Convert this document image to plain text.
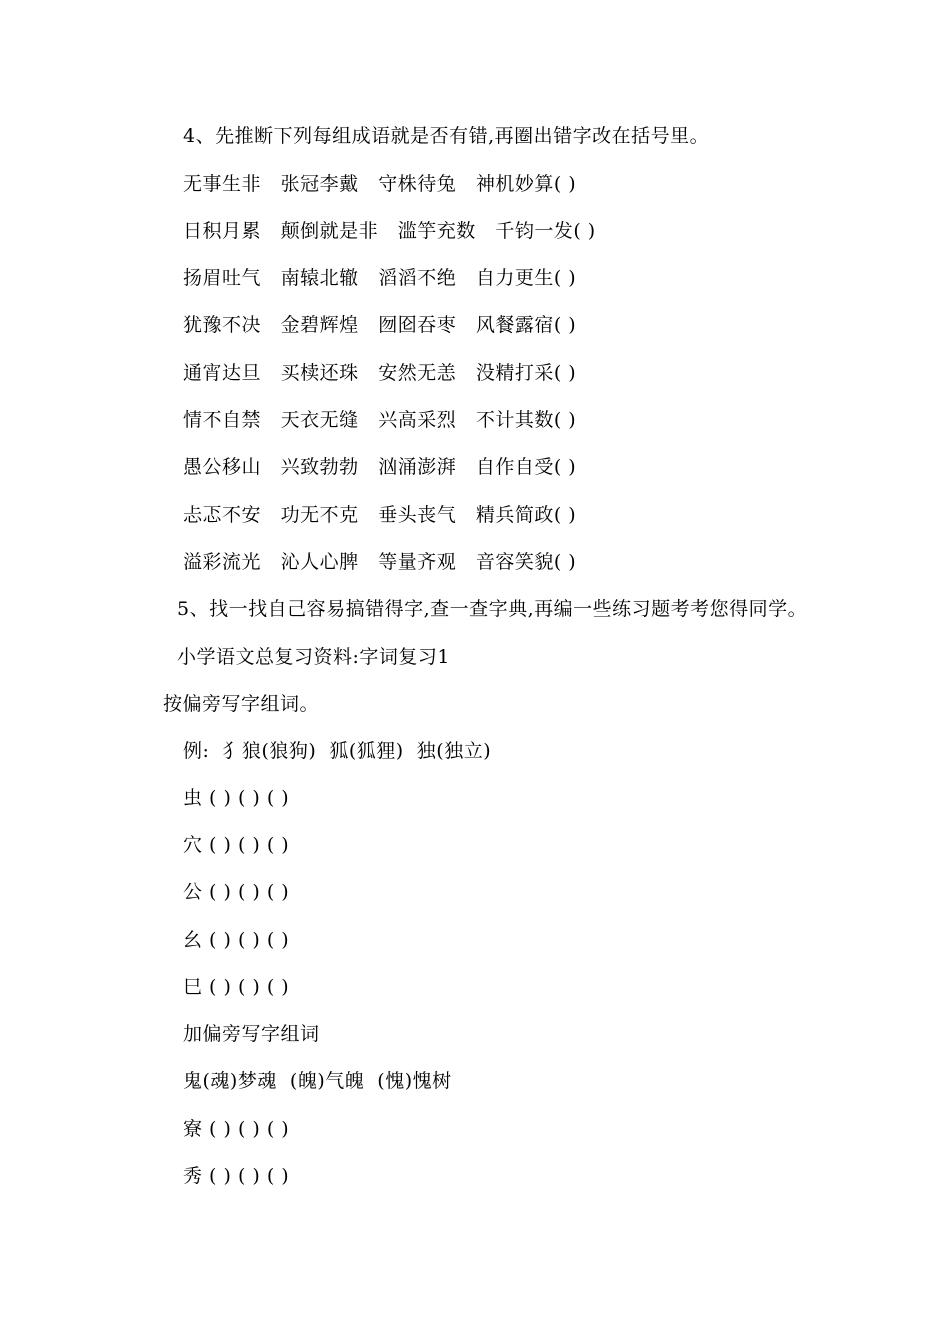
4、先推断下列每组成语就是否有错,再圈出错字改在括号里。
无事生非   张冠李戴   守株待兔   神机妙算( )
日积月累   颠倒就是非   滥竽充数   千钧一发( )
扬眉吐气   南辕北辙   滔滔不绝   自力更生( )
犹豫不决   金碧辉煌   囫囵吞枣   风餐露宿( )
通宵达旦   买椟还珠   安然无恙   没精打采( )
情不自禁   天衣无缝   兴高采烈   不计其数( )
愚公移山   兴致勃勃   汹涌澎湃   自作自受( )
忐忑不安   功无不克   垂头丧气   精兵简政( )
溢彩流光   沁人心脾   等量齐观   音容笑貌( )
5、找一找自己容易搞错得字,查一查字典,再编一些练习题考考您得同学。
小学语文总复习资料:字词复习1
按偏旁写字组词。
例:  犭狼(狼狗)  狐(狐狸)  独(独立)
虫 ( ) ( ) ( )
穴 ( ) ( ) ( )
公 ( ) ( ) ( )
幺 ( ) ( ) ( )
巳 ( ) ( ) ( )
加偏旁写字组词
鬼(魂)梦魂  (魄)气魄  (愧)愧树
寮 ( ) ( ) ( )
秀 ( ) ( ) ( )
